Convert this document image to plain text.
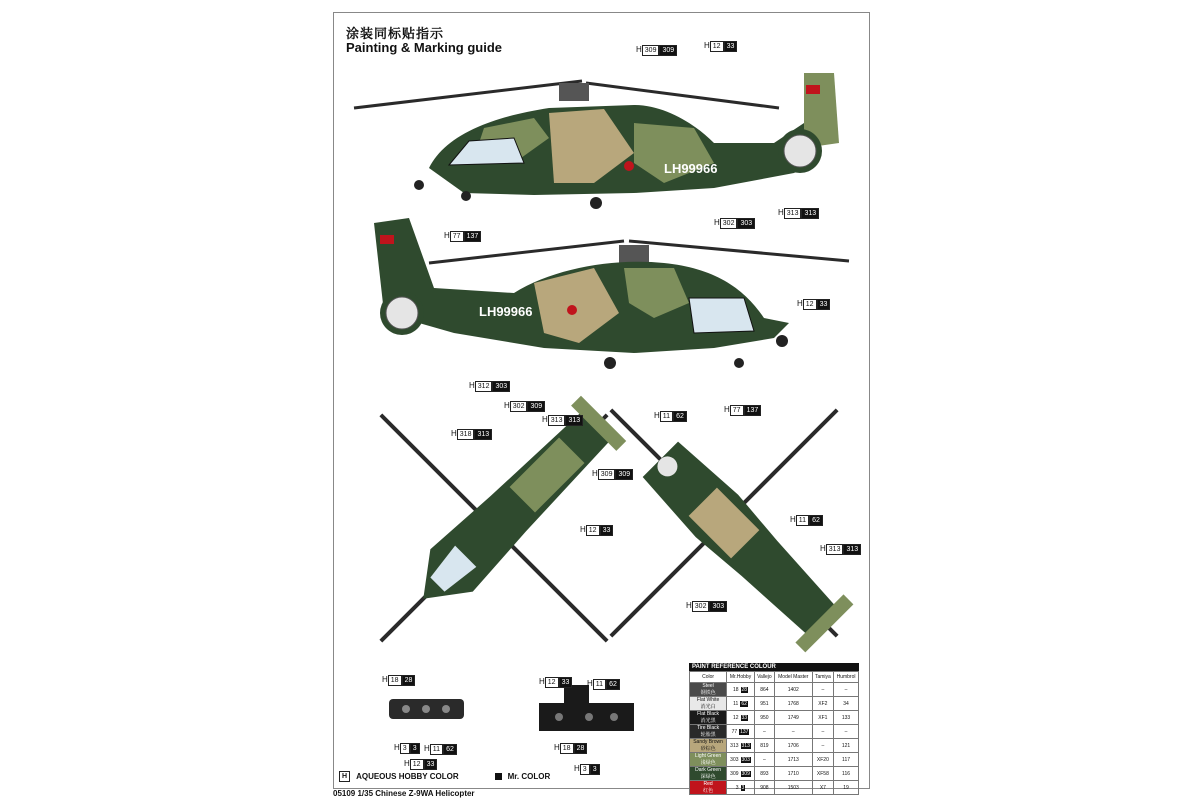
涂装同标贴指示
Painting & Marking guide
LH99966
LH99966
H 309 309
H 12 33
H 302 303
H 313 313
H 77 137
H 12 33
H 312 303
H 302 309
H 313 313
H 77 137
H 318 313
H 11 62
H 309 309
H 12 33
H 11 62
H 313 313
H 302 303
H 18 28	H 12 33	H 11 62
H 3 3 H 11 62
H 12 33
H 18 28
H 3 3
PAINT REFERENCE COLOUR
Color	Mr.Hobby	Vallejo	Model Master	Tamiya	Humbrol
Steel
钢铁色	18 28	864	1402	–	–
Flat White
消光白	11 62	951	1768	XF2	34
Flat Black
消光黑	12 33	950	1749	XF1	133
Tire Black
轮胎黑	77 137	–	–	–	–
Sandy Brown
砂棕色	313 313	819	1706	–	121
Light Green
浅绿色	303 303	–	1713	XF20	117
Dark Green
深绿色	309 309	893	1710	XF58	116
Red
红色	3 3	908	1503	X7	19
H	AQUEOUS HOBBY COLOR	Mr. COLOR
05109 1/35 Chinese Z-9WA Helicopter
